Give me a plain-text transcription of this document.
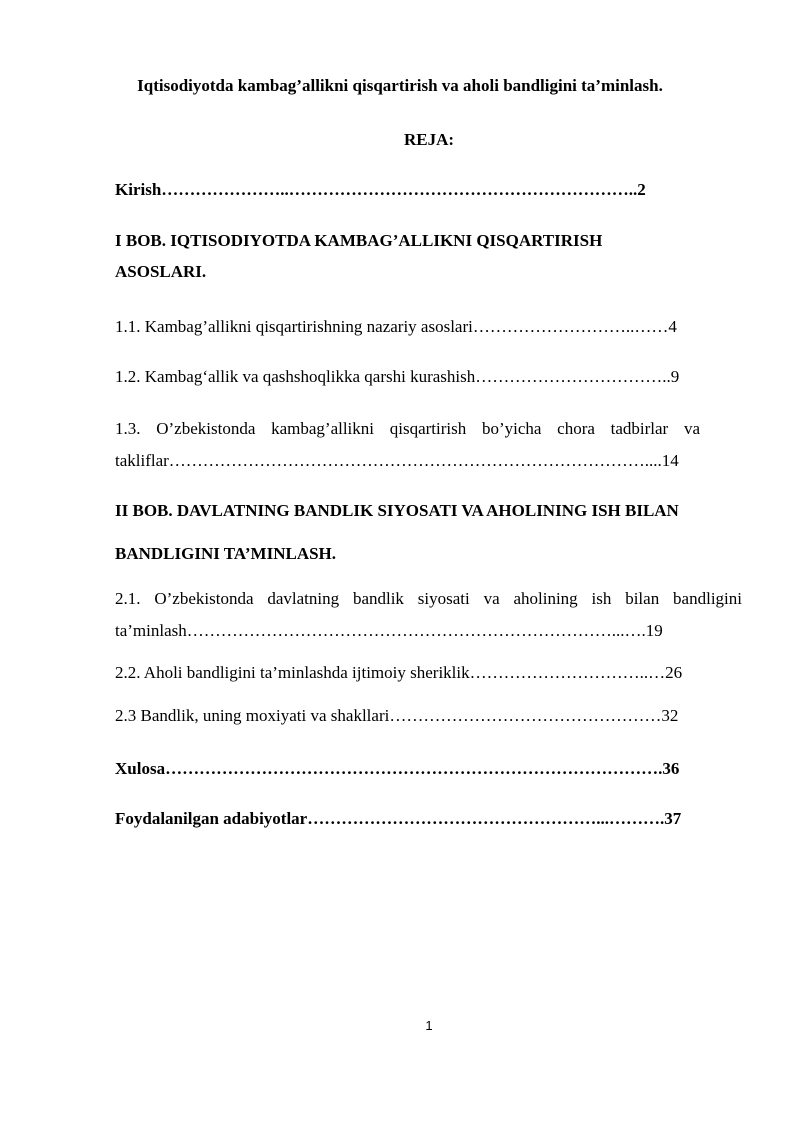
Iqtisodiyotda kambag’allikni qisqartirish va aholi bandligini ta’minlash.
REJA:
Kirish…………………..……………………………………………………..2
I BOB. IQTISODIYOTDA KAMBAG’ALLIKNI QISQARTIRISH
ASOSLARI.
1.1. Kambag’allikni qisqartirishning nazariy asoslari………………………..……4
1.2. Kambag‘allik va qashshoqlikka qarshi kurashish……………………………..9
1.3. O’zbekistonda kambag’allikni qisqartirish bo’yicha chora tadbirlar va
takliflar…………………………………………………………………………....14
II BOB. DAVLATNING BANDLIK SIYOSATI VA AHOLINING ISH BILAN
BANDLIGINI TA’MINLASH.
2.1. O’zbekistonda davlatning bandlik siyosati va aholining ish bilan bandligini
ta’minlash…………………………………………………………………...….19
2.2. Aholi bandligini ta’minlashda ijtimoiy sheriklik…………………………..…26
2.3 Bandlik, uning moxiyati va shakllari…………………………………………32
Xulosa…………………………………………………………………………….36
Foydalanilgan adabiyotlar……………………………………………...……….37
1
